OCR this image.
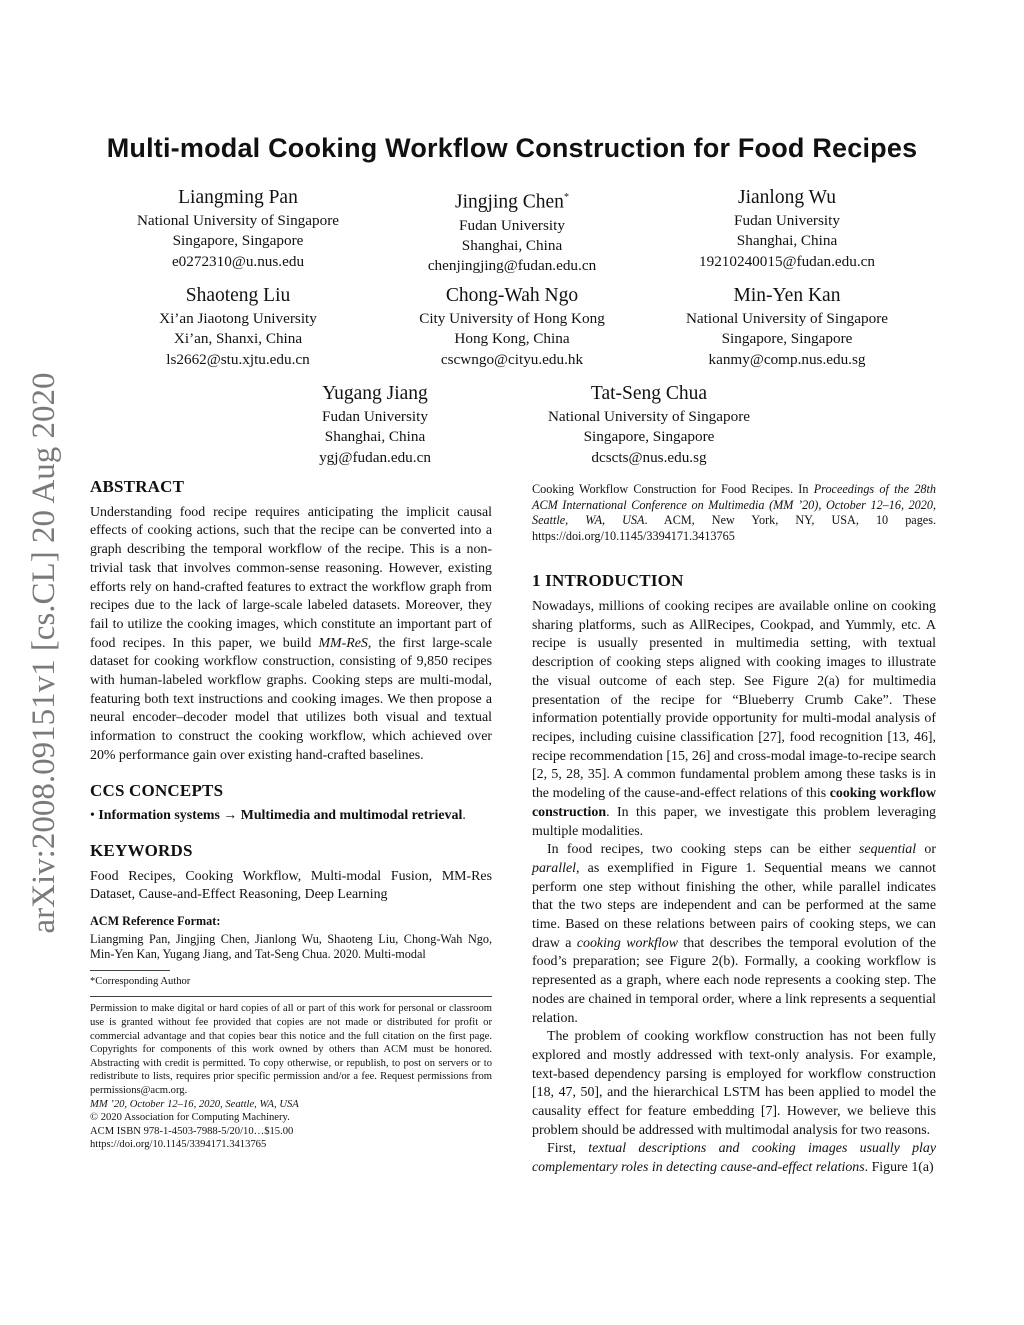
arXiv:2008.09151v1 [cs.CL] 20 Aug 2020
Multi-modal Cooking Workflow Construction for Food Recipes
Liangming Pan
National University of Singapore
Singapore, Singapore
e0272310@u.nus.edu
Jingjing Chen*
Fudan University
Shanghai, China
chenjingjing@fudan.edu.cn
Jianlong Wu
Fudan University
Shanghai, China
19210240015@fudan.edu.cn
Shaoteng Liu
Xi’an Jiaotong University
Xi’an, Shanxi, China
ls2662@stu.xjtu.edu.cn
Chong-Wah Ngo
City University of Hong Kong
Hong Kong, China
cscwngo@cityu.edu.hk
Min-Yen Kan
National University of Singapore
Singapore, Singapore
kanmy@comp.nus.edu.sg
Yugang Jiang
Fudan University
Shanghai, China
ygj@fudan.edu.cn
Tat-Seng Chua
National University of Singapore
Singapore, Singapore
dcscts@nus.edu.sg
ABSTRACT

Understanding food recipe requires anticipating the implicit causal effects of cooking actions, such that the recipe can be converted into a graph describing the temporal workflow of the recipe. This is a non-trivial task that involves common-sense reasoning. However, existing efforts rely on hand-crafted features to extract the workflow graph from recipes due to the lack of large-scale labeled datasets. Moreover, they fail to utilize the cooking images, which constitute an important part of food recipes. In this paper, we build MM-ReS, the first large-scale dataset for cooking workflow construction, consisting of 9,850 recipes with human-labeled workflow graphs. Cooking steps are multi-modal, featuring both text instructions and cooking images. We then propose a neural encoder–decoder model that utilizes both visual and textual information to construct the cooking workflow, which achieved over 20% performance gain over existing hand-crafted baselines.

CCS CONCEPTS

• Information systems → Multimedia and multimodal retrieval.

KEYWORDS

Food Recipes, Cooking Workflow, Multi-modal Fusion, MM-Res Dataset, Cause-and-Effect Reasoning, Deep Learning

ACM Reference Format:

Liangming Pan, Jingjing Chen, Jianlong Wu, Shaoteng Liu, Chong-Wah Ngo, Min-Yen Kan, Yugang Jiang, and Tat-Seng Chua. 2020. Multi-modal

*Corresponding Author

Permission to make digital or hard copies of all or part of this work for personal or classroom use is granted without fee provided that copies are not made or distributed for profit or commercial advantage and that copies bear this notice and the full citation on the first page. Copyrights for components of this work owned by others than ACM must be honored. Abstracting with credit is permitted. To copy otherwise, or republish, to post on servers or to redistribute to lists, requires prior specific permission and/or a fee. Request permissions from permissions@acm.org.

MM ’20, October 12–16, 2020, Seattle, WA, USA

© 2020 Association for Computing Machinery.

ACM ISBN 978-1-4503-7988-5/20/10…$15.00

https://doi.org/10.1145/3394171.3413765

Cooking Workflow Construction for Food Recipes. In Proceedings of the 28th ACM International Conference on Multimedia (MM ’20), October 12–16, 2020, Seattle, WA, USA. ACM, New York, NY, USA, 10 pages. https://doi.org/10.1145/3394171.3413765

1 INTRODUCTION

Nowadays, millions of cooking recipes are available online on cooking sharing platforms, such as AllRecipes, Cookpad, and Yummly, etc. A recipe is usually presented in multimedia setting, with textual description of cooking steps aligned with cooking images to illustrate the visual outcome of each step. See Figure 2(a) for multimedia presentation of the recipe for “Blueberry Crumb Cake”. These information potentially provide opportunity for multi-modal analysis of recipes, including cuisine classification [27], food recognition [13, 46], recipe recommendation [15, 26] and cross-modal image-to-recipe search [2, 5, 28, 35]. A common fundamental problem among these tasks is in the modeling of the cause-and-effect relations of this cooking workflow construction. In this paper, we investigate this problem leveraging multiple modalities.

In food recipes, two cooking steps can be either sequential or parallel, as exemplified in Figure 1. Sequential means we cannot perform one step without finishing the other, while parallel indicates that the two steps are independent and can be performed at the same time. Based on these relations between pairs of cooking steps, we can draw a cooking workflow that describes the temporal evolution of the food’s preparation; see Figure 2(b). Formally, a cooking workflow is represented as a graph, where each node represents a cooking step. The nodes are chained in temporal order, where a link represents a sequential relation.

The problem of cooking workflow construction has not been fully explored and mostly addressed with text-only analysis. For example, text-based dependency parsing is employed for workflow construction [18, 47, 50], and the hierarchical LSTM has been applied to model the causality effect for feature embedding [7]. However, we believe this problem should be addressed with multimodal analysis for two reasons.

First, textual descriptions and cooking images usually play complementary roles in detecting cause-and-effect relations. Figure 1(a)
